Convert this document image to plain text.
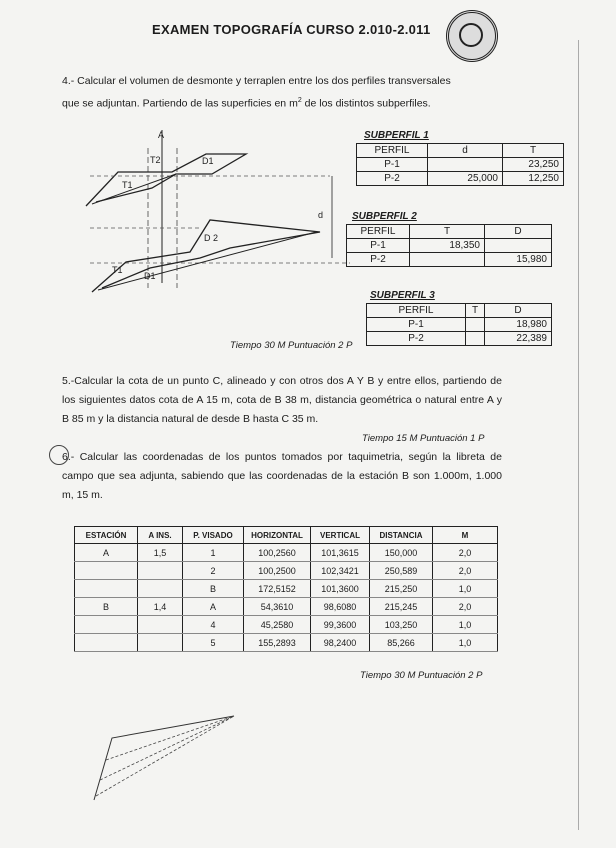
EXAMEN TOPOGRAFÍA CURSO 2.010-2.011
4.- Calcular el volumen de desmonte y terraplen entre los dos perfiles transversales
que se adjuntan. Partiendo de las superficies en $m^2$ de los distintos subperfiles.
A
T2	D1
T1
D 2
T1
D1
d
SUBPERFIL 1
PERFIL	d	T
P-1		23,250
P-2	25,000	12,250
SUBPERFIL 2
PERFIL	T	D
P-1	18,350	
P-2		15,980
SUBPERFIL 3
PERFIL	T	D
P-1		18,980
P-2		22,389
Tiempo 30 M Puntuación 2 P
5.-Calcular la cota de un punto C, alineado y con otros dos A Y B y entre ellos, partiendo de los siguientes datos cota de A 15 m, cota de B 38 m, distancia geométrica o natural entre A y B 85 m y la distancia natural de desde B hasta C 35 m.
Tiempo 15 M Puntuación 1 P
6.- Calcular las coordenadas de los puntos tomados por taquimetria, según la libreta de campo que sea adjunta, sabiendo que las coordenadas de la estación B son 1.000m, 1.000 m, 15 m.
ESTACIÓN	A INS.	P. VISADO	HORIZONTAL	VERTICAL	DISTANCIA	M
A	1,5	1	100,2560	101,3615	150,000	2,0
		2	100,2500	102,3421	250,589	2,0
		B	172,5152	101,3600	215,250	1,0
B	1,4	A	54,3610	98,6080	215,245	2,0
		4	45,2580	99,3600	103,250	1,0
		5	155,2893	98,2400	85,266	1,0
Tiempo 30 M Puntuación 2 P
